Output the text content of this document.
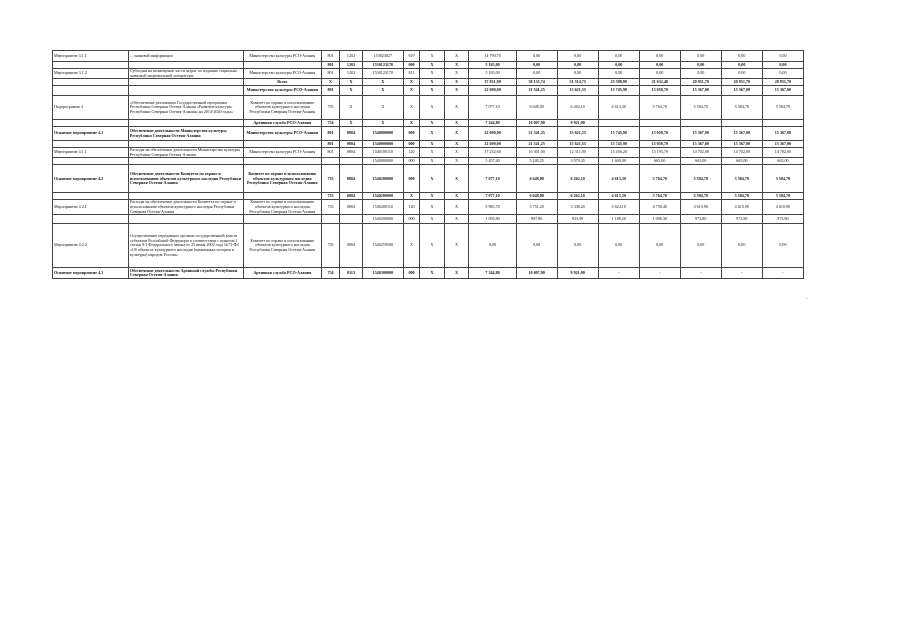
Мероприятие 3.1.1	…знаковой информации	Министерство культуры РСО-Алания	801	1202	153023027	619	X	X	14 790,70	0,00	0,00	0,00	0,00	0,00	0,00	0,00
			801	1202	1530123170	000	X	X	5 165,00	0,00	0,00	0,00	0,00	0,00	0,00	0,00
Мероприятие 3.1.2	Субсидии на возмещение части затрат по изданию социально значимой национальной литературы	Министерство культуры РСО-Алания	801	1202	1530123170	811	X	X	5 165,00	0,00	0,00	0,00	0,00	0,00	0,00	0,00
		Всего	X	X	X	X	X	X	37 031,90	38 135,74	31 514,75	25 588,80	21 632,40	20 951,70	20 951,70	20 951,70
		Министерство культуры РСО-Алания	801	X	X	X	X	X	22 690,00	21 541,25	15 621,55	15 745,90	15 058,70	15 367,00	15 367,00	15 367,00
Подпрограмма 4	«Обеспечение реализации Государственной программы Республики Северная Осетия-Алания «Развитие культуры Республики Северная Осетия-Алания» на 2014-2020 годы»	Комитет по охране и использованию объектов культурного наследия Республики Северная Осетия-Алания	735	X	X	X	X	X	7 077,10	6 648,00	6 262,10	4 613,30	5 764,70	5 584,70	5 584,70	5 584,70
		Архивная служба РСО-Алания	754	X	X	X	X	X	7 244,80	10 007,90	9 921,00					
Основное мероприятие 4.1	Обеспечение деятельности Министерства культуры Республики Северная Осетия-Алания	Министерство культуры РСО-Алания	801	0804	1540000000	000	X	X	22 690,00	21 541,25	15 621,55	15 745,90	15 058,70	15 367,00	15 367,00	15 367,00
			801	0804	1540000000	000	X	X	22 690,00	21 541,25	15 621,55	15 745,90	15 058,70	15 367,00	15 367,00	15 367,00
Мероприятие 4.1.1	Расходы на обеспечение деятельности Министерства культуры Республики Северная Осетия-Алания	Министерство культуры РСО-Алания	801	0804	1540100110	120	X	X	17 232,60	16 301,00	12 311,00	15 456,20	15 193,70	14 702,00	14 702,00	14 702,00
					1540000000	000	X	X	5 457,40	5 240,25	3 079,45	1 600,00	665,00	665,00	665,00	665,00
Основное мероприятие 4.2	Обеспечение деятельности Комитета по охране и использованию объектов культурного наследия Республики Северная Осетия-Алания	Комитет по охране и использованию объектов культурного наследия Республики Северная Осетия-Алания	735	0804	1540200000	000	X	X	7 077,10	6 648,00	6 262,10	4 613,30	5 764,70	5 584,70	5 584,70	5 584,70
			735	0804	1540200000	X	X	X	7 077,10	6 648,00	6 262,10	4 613,30	5 764,70	5 584,70	5 584,70	5 584,70
Мероприятие 4.2.1	Расходы на обеспечение деятельности Комитета по охране и использованию объектов культурного наследия Республики Северная Осетия-Алания	Комитет по охране и использованию объектов культурного наследия Республики Северная Осетия-Алания	735	0804	1540200110	120	X	X	5 965,70	5 751,20	5 338,20	3 624,10	4 758,40	4 610,90	4 610,90	4 610,90
					1540200000	000	X	X	1 093,80	897,80	923,90	1 189,20	1 006,30	973,80	973,80	973,80
Мероприятие 4.2.2	Осуществление переданных органам государственной власти субъектов Российской Федерации в соответствии с пунктом 1 статьи 9.1 Федерального закона от 25 июня 2002 года №73-ФЗ «Об объектах культурного наследия (памятниках истории и культуры) народов России»	Комитет по охране и использованию объектов культурного наследия Республики Северная Осетия-Алания	735	0804	1540259500	X	X	X	0,00	0,00	0,00	0,00	0,00	0,00	0,00	0,00
Основное мероприятие 4.3	Обеспечение деятельности Архивной службы Республики Северная Осетия-Алания	Архивная служба РСО-Алания	754	0113	1540300000	000	X	X	7 244,80	10 007,90	9 921,00	-	-	-	-	-
-
